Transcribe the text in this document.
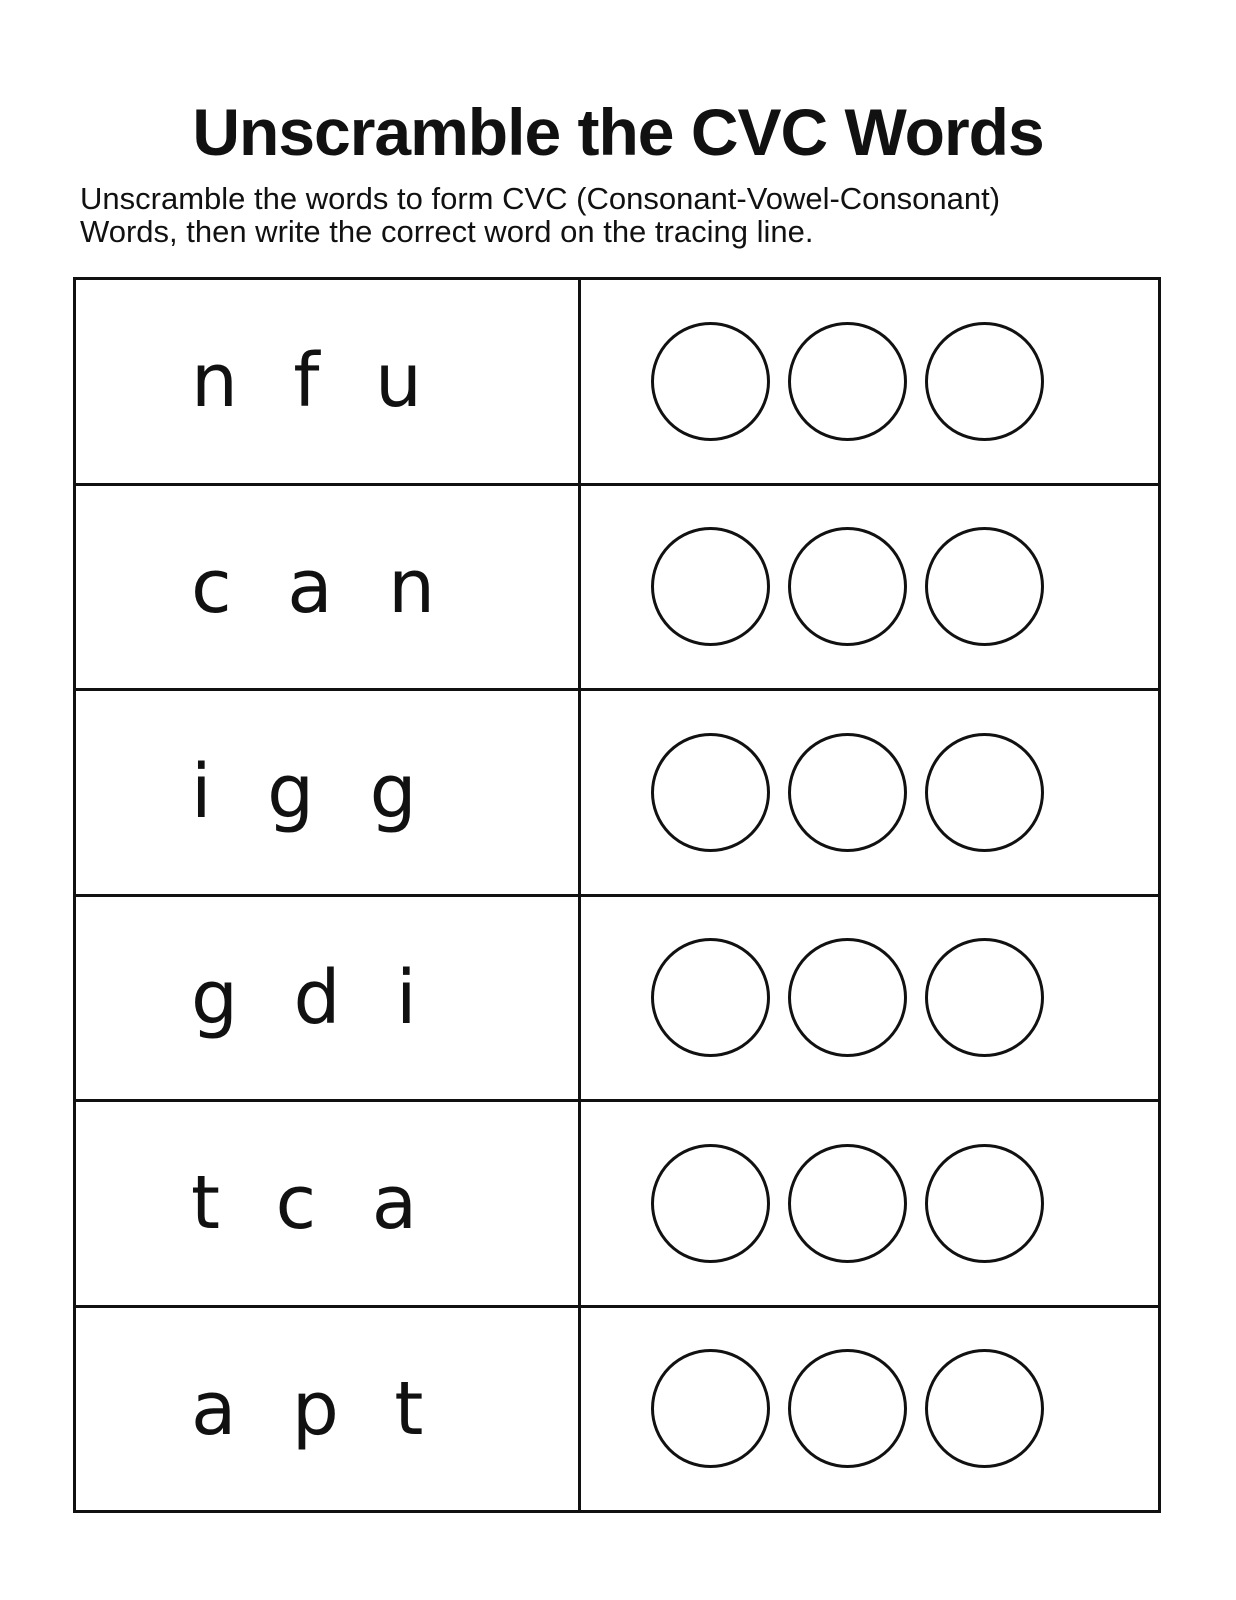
Unscramble the CVC Words
Unscramble the words to form CVC (Consonant-Vowel-Consonant)
Words, then write the correct word on the tracing line.
n f u
c a n
i g g
g d i
t c a
a p t
